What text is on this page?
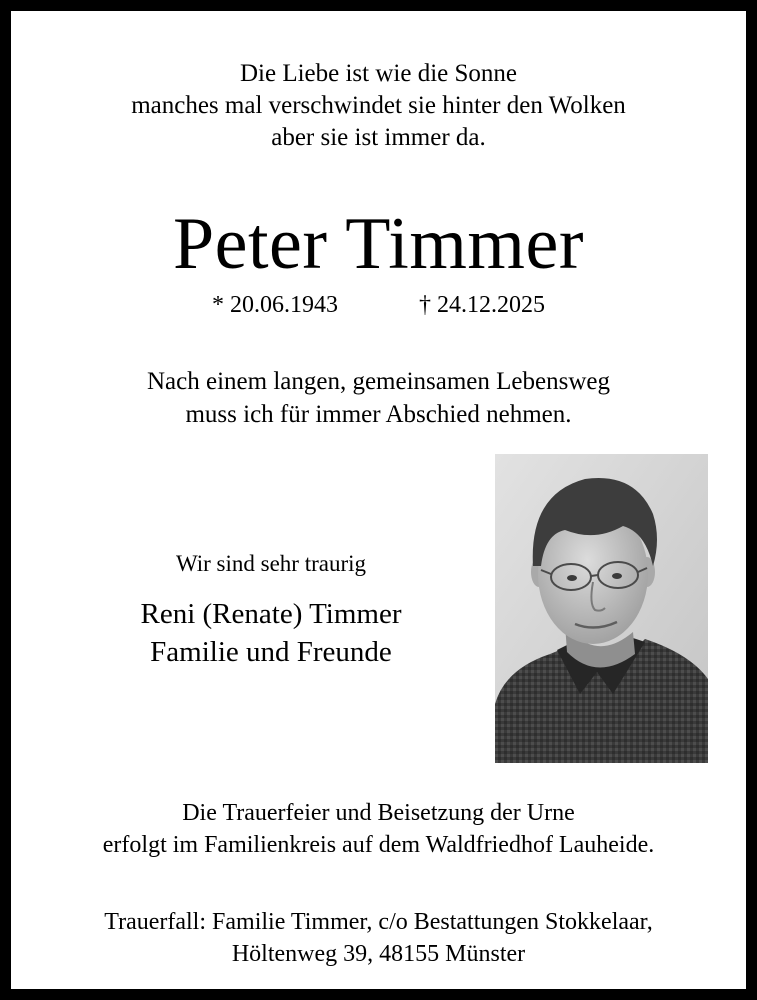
Die Liebe ist wie die Sonne
manches mal verschwindet sie hinter den Wolken
aber sie ist immer da.
Peter Timmer
* 20.06.1943	† 24.12.2025
Nach einem langen, gemeinsamen Lebensweg
muss ich für immer Abschied nehmen.
Wir sind sehr traurig
Reni (Renate) Timmer
Familie und Freunde
Die Trauerfeier und Beisetzung der Urne
erfolgt im Familienkreis auf dem Waldfriedhof Lauheide.
Trauerfall: Familie Timmer, c/o Bestattungen Stokkelaar,
Höltenweg 39, 48155 Münster
